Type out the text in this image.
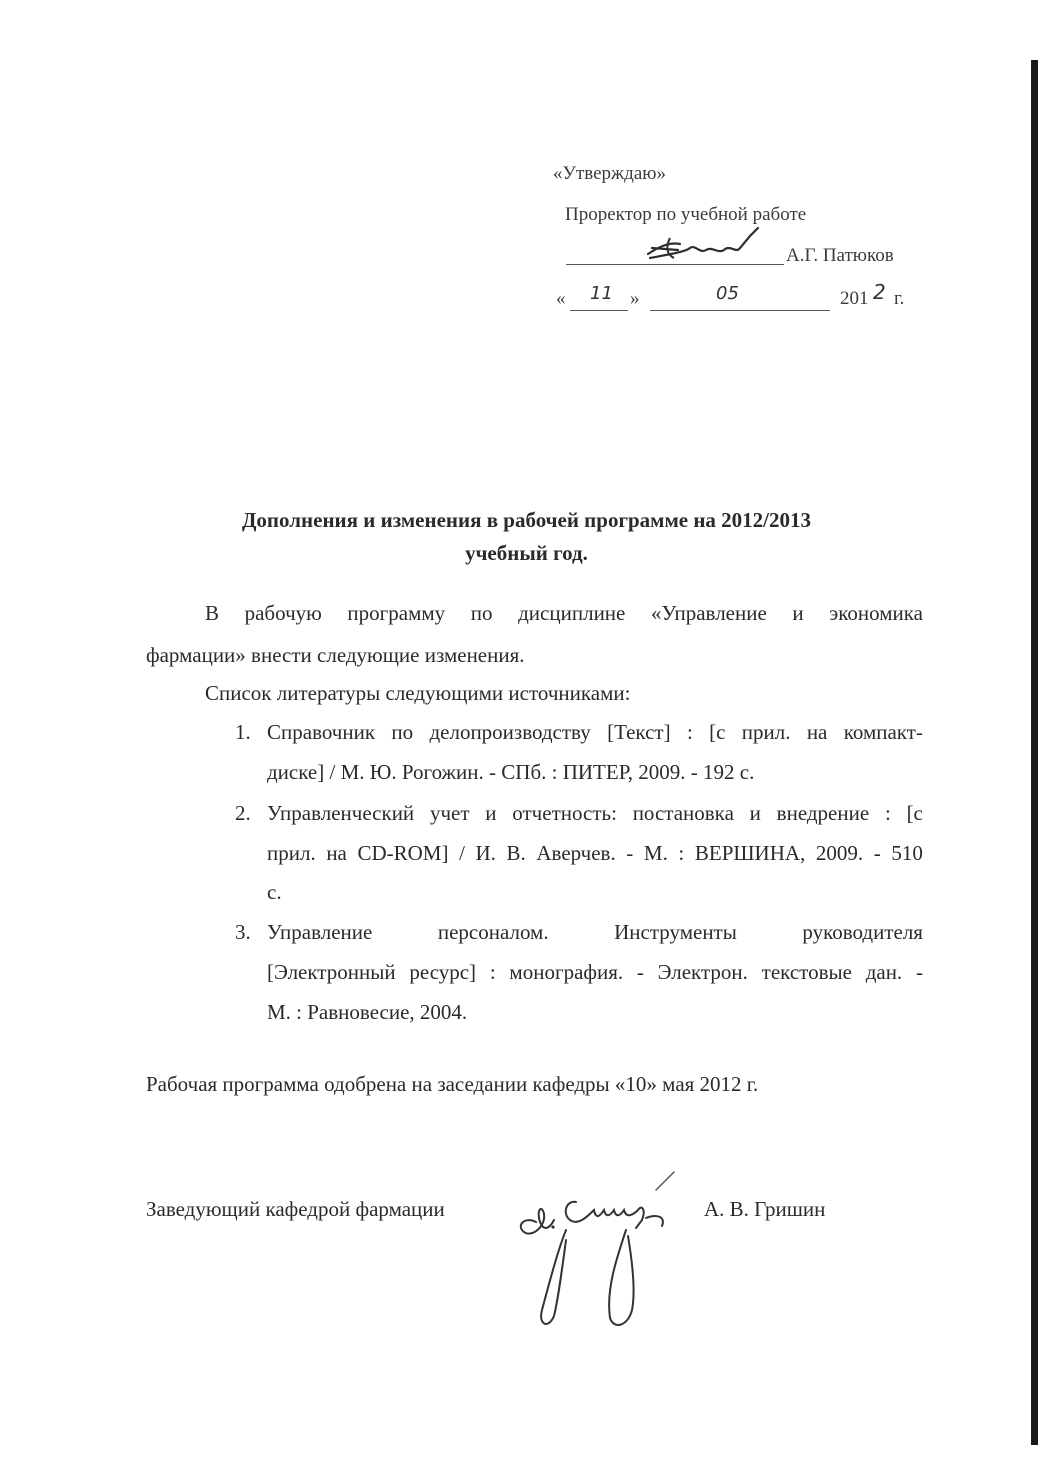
«Утверждаю»
Проректор по учебной работе
А.Г. Патюков
« 11 »	05	201 2 г.
Дополнения и изменения в рабочей программе на 2012/2013
учебный год.
В рабочую программу по дисциплине «Управление и экономика
фармации» внести следующие изменения.
Список литературы следующими источниками:
1. Справочник по делопроизводству [Текст] : [с прил. на компакт-
диске] / М. Ю. Рогожин. - СПб. : ПИТЕР, 2009. - 192 с.
2. Управленческий учет и отчетность: постановка и внедрение : [с
прил. на CD-ROM] / И. В. Аверчев. - М. : ВЕРШИНА, 2009. - 510
с.
3. Управление	персоналом.	Инструменты	руководителя
[Электронный ресурс] : монография. - Электрон. текстовые дан. -
М. : Равновесие, 2004.
Рабочая программа одобрена на заседании кафедры «10» мая 2012 г.
Заведующий кафедрой фармации	А. В. Гришин
